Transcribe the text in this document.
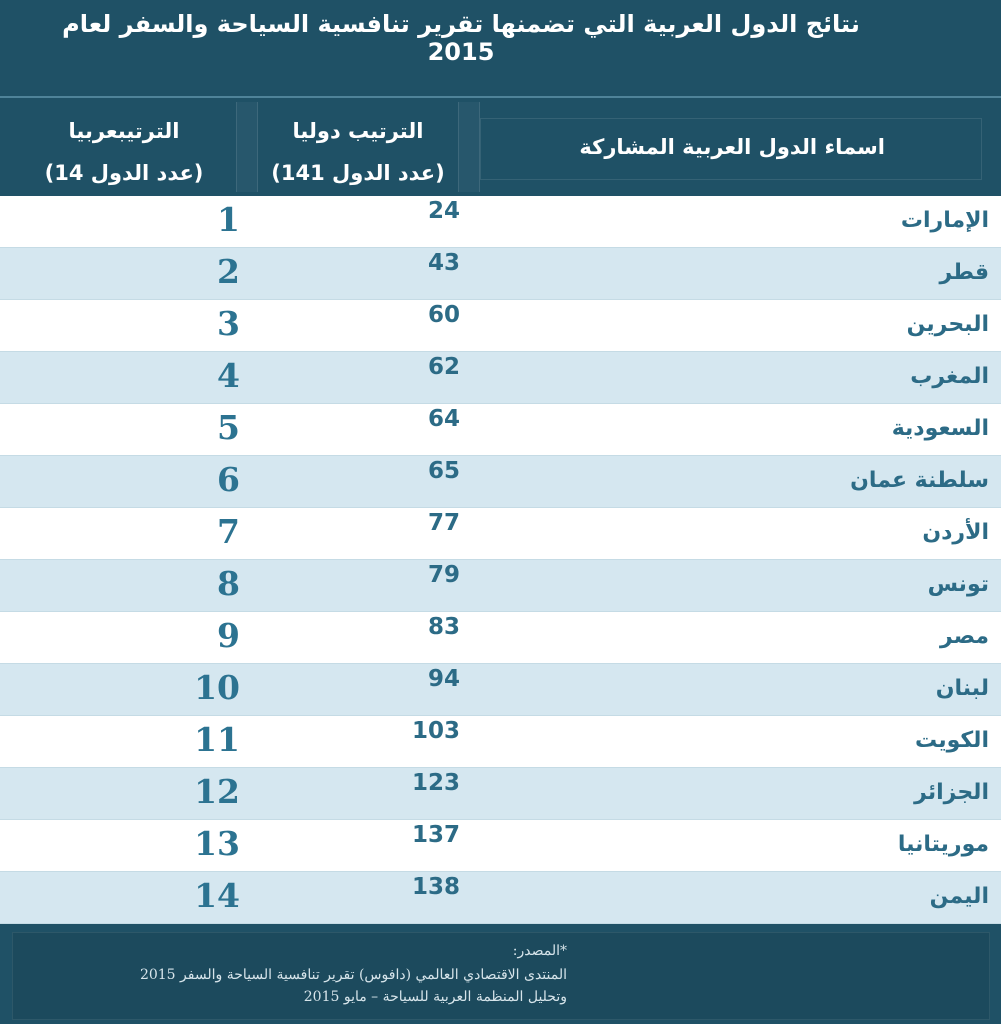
نتائج الدول العربية التي تضمنها تقرير تنافسية السياحة والسفر لعام 2015
اسماء الدول العربية المشاركة
الترتيب دوليا
(عدد الدول 141)
الترتيبعربيا
(عدد الدول 14)
الإمارات
24
1
قطر
43
2
البحرين
60
3
المغرب
62
4
السعودية
64
5
سلطنة عمان
65
6
الأردن
77
7
تونس
79
8
مصر
83
9
لبنان
94
10
الكويت
103
11
الجزائر
123
12
موريتانيا
137
13
اليمن
138
14
*المصدر:
المنتدى الاقتصادي العالمي (دافوس) تقرير تنافسية السياحة والسفر 2015
وتحليل المنظمة العربية للسياحة – مايو 2015
